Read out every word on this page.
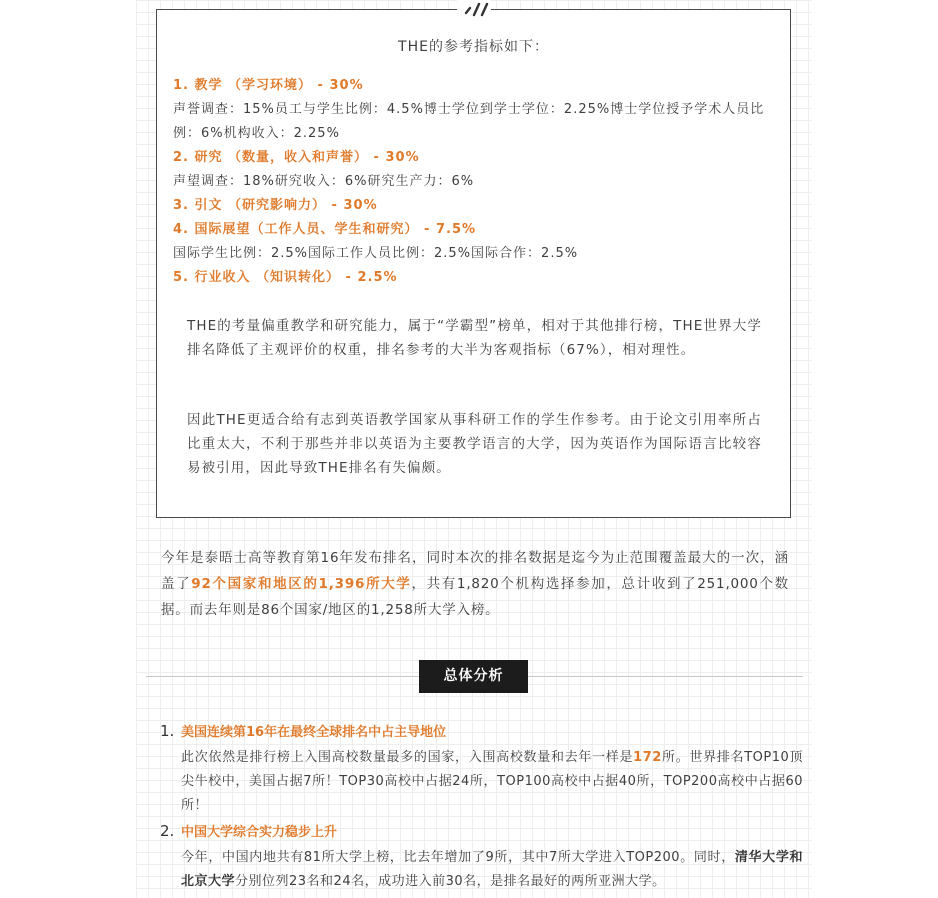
THE的参考指标如下：
1. 教学 （学习环境） - 30%
声誉调查：15%员工与学生比例：4.5%博士学位到学士学位：2.25%博士学位授予学术人员比例：6%机构收入：2.25%
2. 研究 （数量，收入和声誉） - 30%
声望调查：18%研究收入：6%研究生产力：6%
3. 引文 （研究影响力） - 30%
4. 国际展望（工作人员、学生和研究） - 7.5%
国际学生比例：2.5%国际工作人员比例：2.5%国际合作：2.5%
5. 行业收入 （知识转化） - 2.5%
THE的考量偏重教学和研究能力，属于“学霸型”榜单，相对于其他排行榜，THE世界大学排名降低了主观评价的权重，排名参考的大半为客观指标（67%），相对理性。
因此THE更适合给有志到英语教学国家从事科研工作的学生作参考。由于论文引用率所占比重太大，不利于那些并非以英语为主要教学语言的大学，因为英语作为国际语言比较容易被引用，因此导致THE排名有失偏颇。
今年是泰晤士高等教育第16年发布排名，同时本次的排名数据是迄今为止范围覆盖最大的一次，涵盖了92个国家和地区的1,396所大学，共有1,820个机构选择参加，总计收到了251,000个数据。而去年则是86个国家/地区的1,258所大学入榜。
总体分析
1. 美国连续第16年在最终全球排名中占主导地位
此次依然是排行榜上入围高校数量最多的国家，入围高校数量和去年一样是172所。世界排名TOP10顶尖牛校中，美国占据7所！TOP30高校中占据24所，TOP100高校中占据40所，TOP200高校中占据60所！
2. 中国大学综合实力稳步上升
今年，中国内地共有81所大学上榜，比去年增加了9所，其中7所大学进入TOP200。同时，清华大学和北京大学分别位列23名和24名，成功进入前30名，是排名最好的两所亚洲大学。
